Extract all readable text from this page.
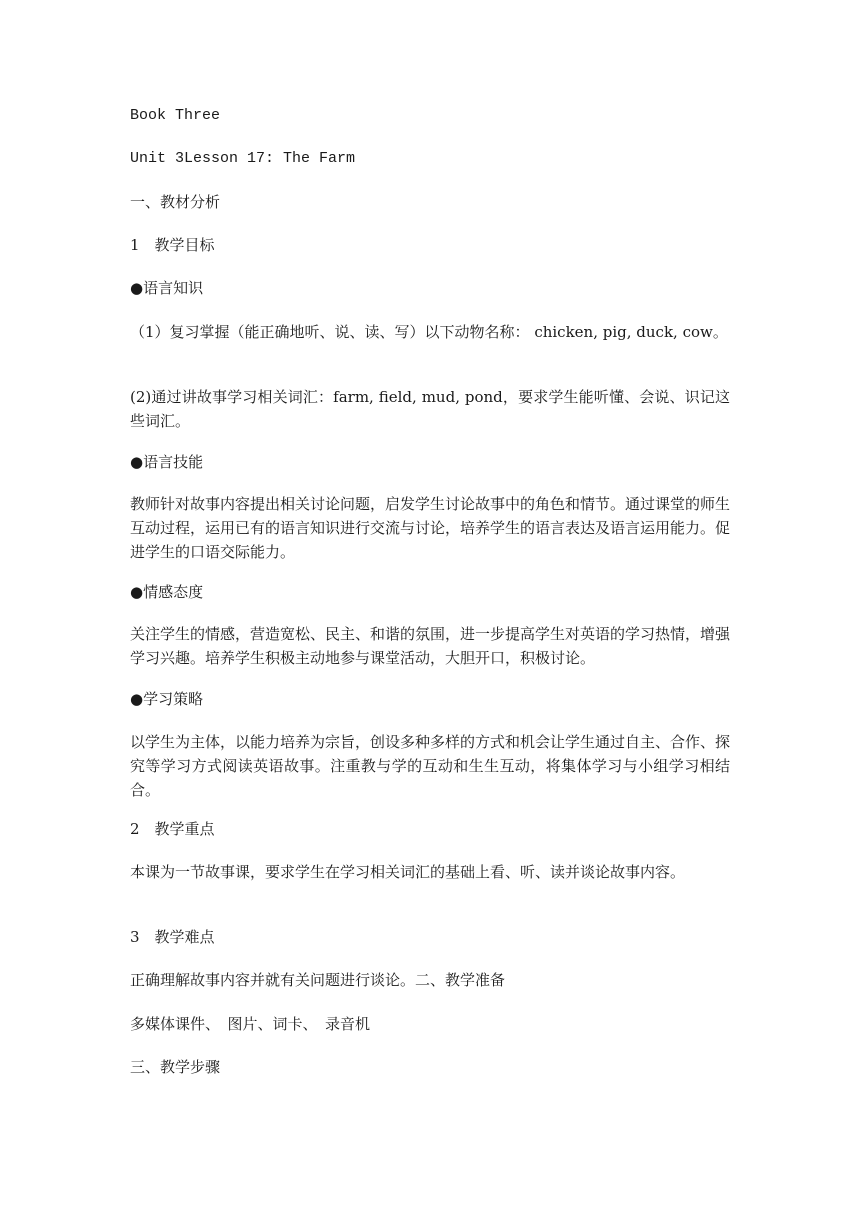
Book Three

Unit 3Lesson 17: The Farm

一、教材分析

1　教学目标

●语言知识

（1）复习掌握（能正确地听、说、读、写）以下动物名称： chicken, pig, duck, cow。

(2)通过讲故事学习相关词汇：farm, field, mud, pond，要求学生能听懂、会说、识记这些词汇。

●语言技能

教师针对故事内容提出相关讨论问题，启发学生讨论故事中的角色和情节。通过课堂的师生互动过程，运用已有的语言知识进行交流与讨论，培养学生的语言表达及语言运用能力。促进学生的口语交际能力。

●情感态度

关注学生的情感，营造宽松、民主、和谐的氛围，进一步提高学生对英语的学习热情，增强学习兴趣。培养学生积极主动地参与课堂活动，大胆开口，积极讨论。

●学习策略

以学生为主体，以能力培养为宗旨，创设多种多样的方式和机会让学生通过自主、合作、探究等学习方式阅读英语故事。注重教与学的互动和生生互动，将集体学习与小组学习相结合。

2　教学重点

本课为一节故事课，要求学生在学习相关词汇的基础上看、听、读并谈论故事内容。

3　教学难点

正确理解故事内容并就有关问题进行谈论。二、教学准备

多媒体课件、　图片、词卡、　录音机

三、教学步骤
